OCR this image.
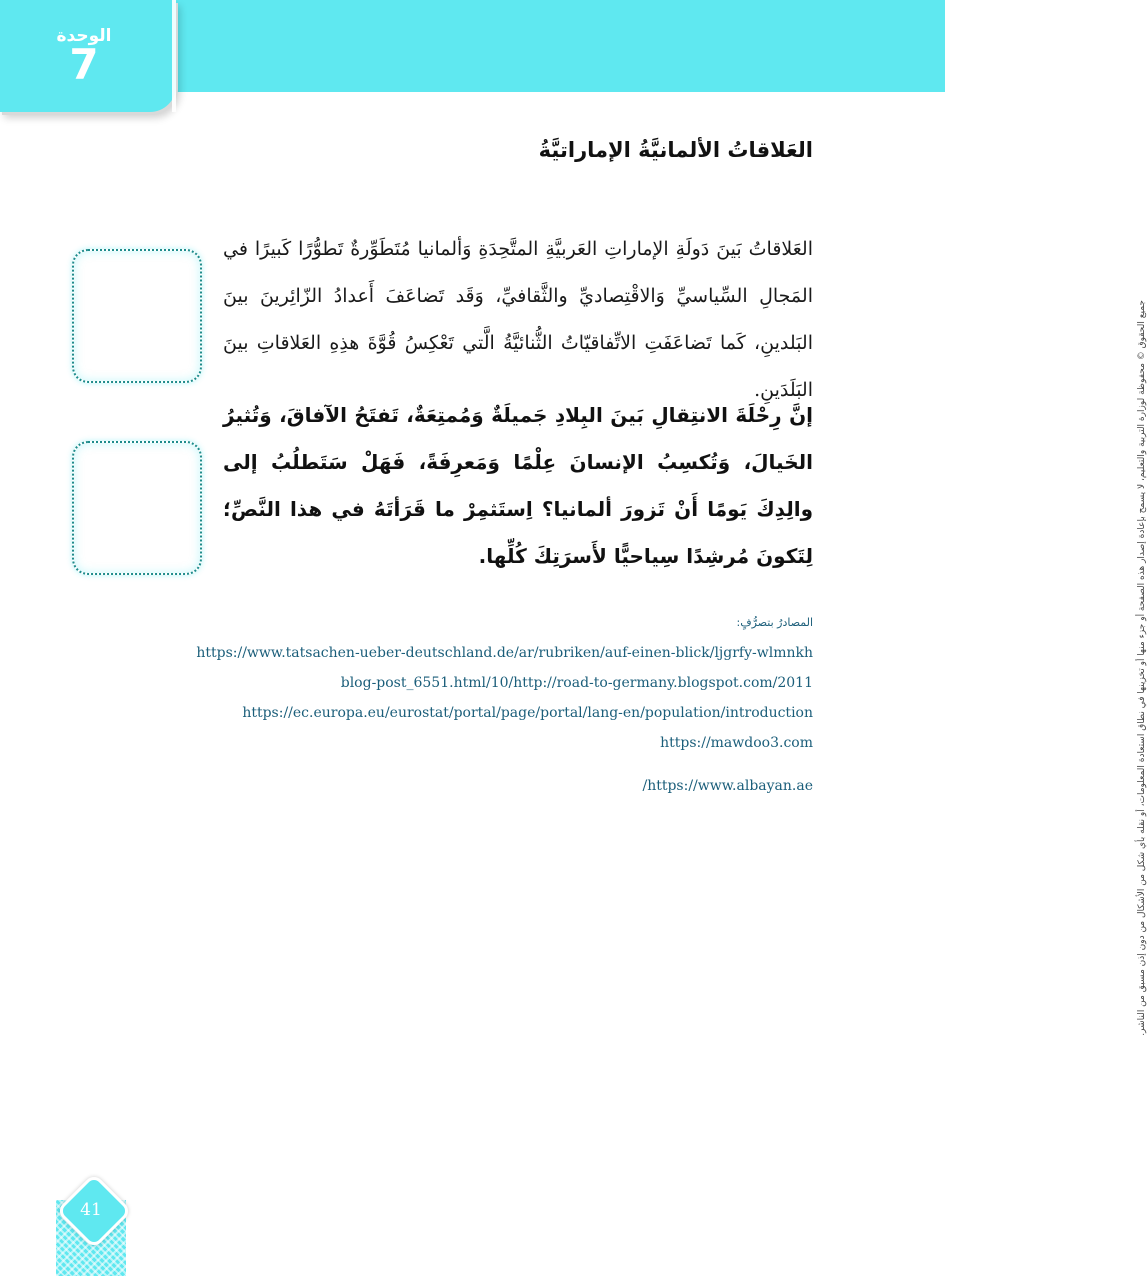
الوحدة
7
العَلاقاتُ الألمانيَّةُ الإماراتيَّةُ
العَلاقاتُ بَينَ دَولَةِ الإماراتِ العَربيَّةِ المتَّحِدَةِ وَألمانيا مُتَطَوِّرةٌ تَطوُّرًا كَبيرًا في المَجالِ السِّياسيِّ وَالاقْتِصاديِّ والثَّقافيِّ، وَقَد تَضاعَفَ أَعدادُ الزّائِرينَ بينَ البَلدينِ، كَما تَضاعَفَتِ الاتِّفاقيّاتُ الثُّنائيَّةُ الَّتي تَعْكِسُ قُوَّةَ هذِهِ العَلاقاتِ بينَ البَلَدَينِ.
إنَّ رِحْلَةَ الانتِقالِ بَينَ البِلادِ جَميلَةٌ وَمُمتِعَةٌ، تَفتَحُ الآفاقَ، وَتُثيرُ الخَيالَ، وَتُكسِبُ الإنسانَ عِلْمًا وَمَعرِفَةً، فَهَلْ سَتَطلُبُ إلى والِدِكَ يَومًا أَنْ تَزورَ ألمانيا؟ اِستَثمِرْ ما قَرَأتَهُ في هذا النَّصِّ؛ لِتَكونَ مُرشِدًا سِياحيًّا لأَسرَتِكَ كُلِّها.
المصادرُ بتصرُّفٍ:
https://www.tatsachen-ueber-deutschland.de/ar/rubriken/auf-einen-blick/ljgrfy-wlmnkh
blog-post_6551.html/10/http://road-to-germany.blogspot.com/2011
https://ec.europa.eu/eurostat/portal/page/portal/lang-en/population/introduction
https://mawdoo3.com
/https://www.albayan.ae	جميع الحقوق © محفوظة لوزارة التربية والتعليم، لا يسمح بإعادة إصدار هذه الصفحة أو جزء منها أو تخزينها في نطاق استعادة المعلومات، أو نقله بأي شكل من الأشكال من دون إذن مسبق من الناشر.
41
